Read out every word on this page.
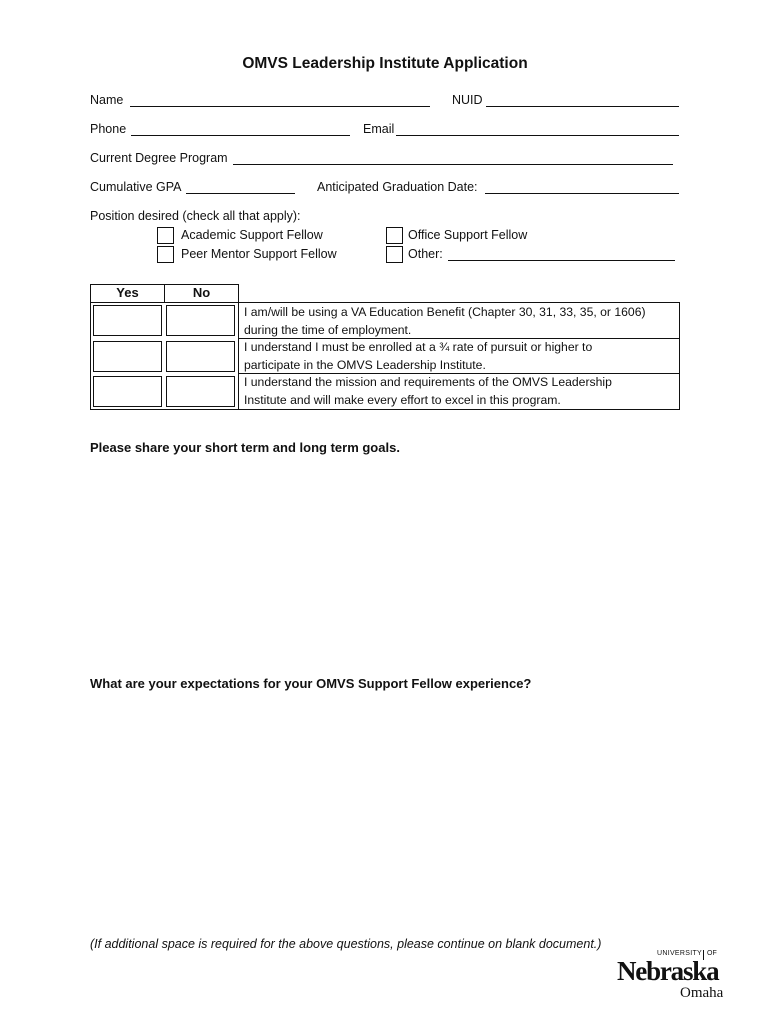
OMVS Leadership Institute Application
Name	NUID
Phone	Email
Current Degree Program
Cumulative GPA	Anticipated Graduation Date:
Position desired (check all that apply):
Academic Support Fellow	Office Support Fellow
Peer Mentor Support Fellow	Other:
Yes	No
I am/will be using a VA Education Benefit (Chapter 30, 31, 33, 35, or 1606)
during the time of employment.
I understand I must be enrolled at a ¾ rate of pursuit or higher to
participate in the OMVS Leadership Institute.
I understand the mission and requirements of the OMVS Leadership
Institute and will make every effort to excel in this program.
Please share your short term and long term goals.
What are your expectations for your OMVS Support Fellow experience?
(If additional space is required for the above questions, please continue on blank document.)
UNIVERSITY OF
Nebraska
Omaha
